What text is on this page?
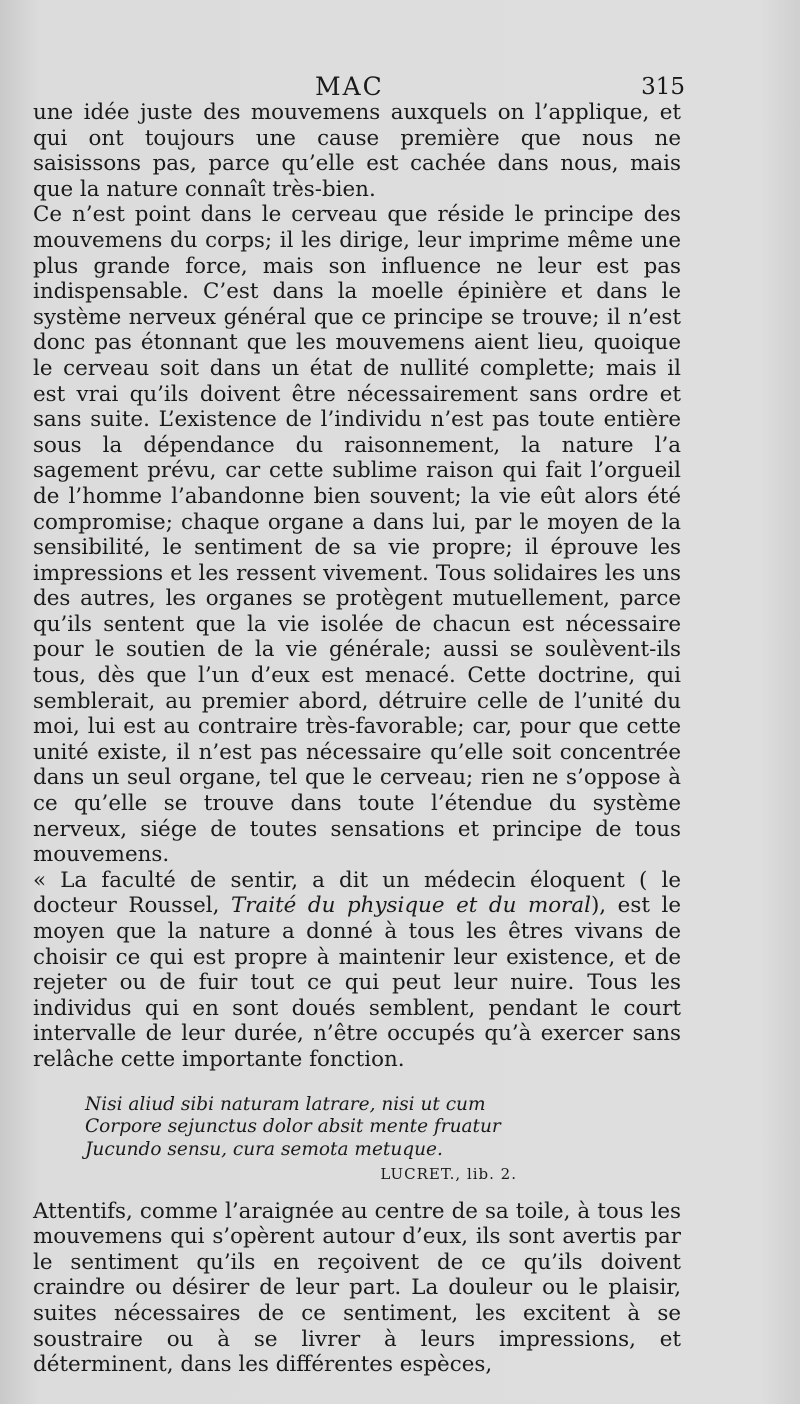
MAC	315

une idée juste des mouvemens auxquels on l’applique, et qui ont toujours une cause première que nous ne saisissons pas, parce qu’elle est cachée dans nous, mais que la nature connaît très-bien.

Ce n’est point dans le cerveau que réside le principe des mouvemens du corps; il les dirige, leur imprime même une plus grande force, mais son influence ne leur est pas indispensable. C’est dans la moelle épinière et dans le système nerveux général que ce principe se trouve; il n’est donc pas étonnant que les mouvemens aient lieu, quoique le cerveau soit dans un état de nullité complette; mais il est vrai qu’ils doivent être nécessairement sans ordre et sans suite. L’existence de l’individu n’est pas toute entière sous la dépendance du raisonnement, la nature l’a sagement prévu, car cette sublime raison qui fait l’orgueil de l’homme l’abandonne bien souvent; la vie eût alors été compromise; chaque organe a dans lui, par le moyen de la sensibilité, le sentiment de sa vie propre; il éprouve les impressions et les ressent vivement. Tous solidaires les uns des autres, les organes se protègent mutuellement, parce qu’ils sentent que la vie isolée de chacun est nécessaire pour le soutien de la vie générale; aussi se soulèvent-ils tous, dès que l’un d’eux est menacé. Cette doctrine, qui semblerait, au premier abord, détruire celle de l’unité du moi, lui est au contraire très-favorable; car, pour que cette unité existe, il n’est pas nécessaire qu’elle soit concentrée dans un seul organe, tel que le cerveau; rien ne s’oppose à ce qu’elle se trouve dans toute l’étendue du système nerveux, siége de toutes sensations et principe de tous mouvemens.

« La faculté de sentir, a dit un médecin éloquent ( le docteur Roussel, Traité du physique et du moral), est le moyen que la nature a donné à tous les êtres vivans de choisir ce qui est propre à maintenir leur existence, et de rejeter ou de fuir tout ce qui peut leur nuire. Tous les individus qui en sont doués semblent, pendant le court intervalle de leur durée, n’être occupés qu’à exercer sans relâche cette importante fonction.

Nisi aliud sibi naturam latrare, nisi ut cum
Corpore sejunctus dolor absit mente fruatur
Jucundo sensu, cura semota metuque.
LUCRET., lib. 2.

Attentifs, comme l’araignée au centre de sa toile, à tous les mouvemens qui s’opèrent autour d’eux, ils sont avertis par le sentiment qu’ils en reçoivent de ce qu’ils doivent craindre ou désirer de leur part. La douleur ou le plaisir, suites nécessaires de ce sentiment, les excitent à se soustraire ou à se livrer à leurs impressions, et déterminent, dans les différentes espèces,
